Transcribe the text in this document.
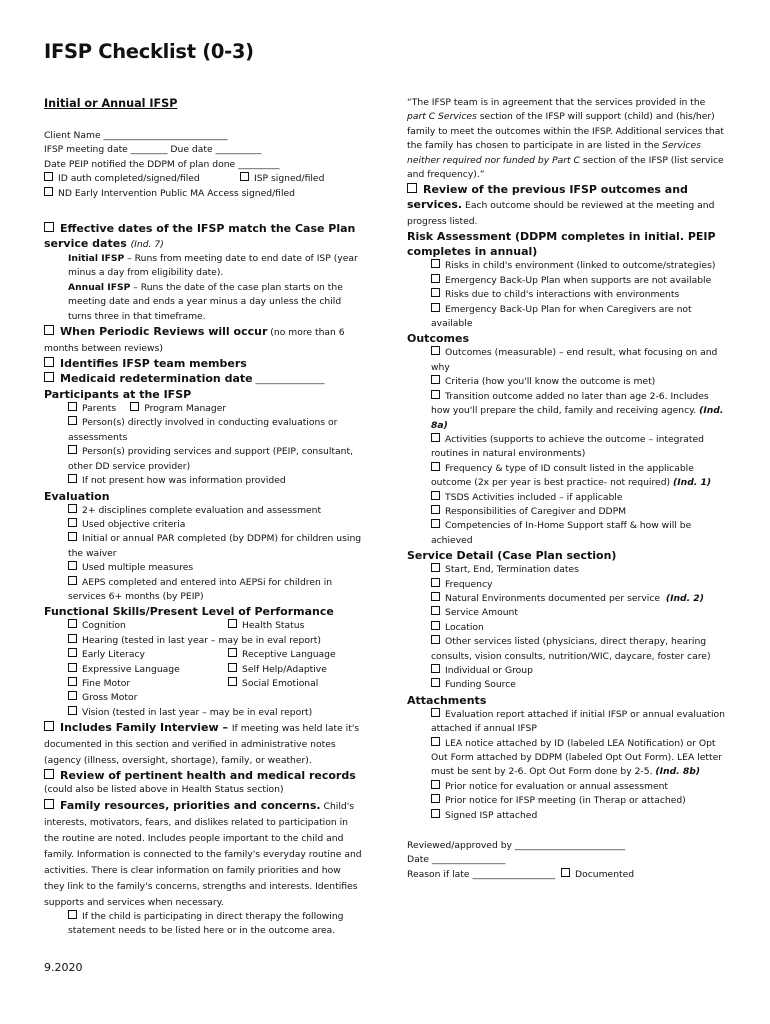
IFSP Checklist (0-3)

Initial or Annual IFSP

Client Name ___________________________

IFSP meeting date ________ Due date __________

Date PEIP notified the DDPM of plan done _________

ID auth completed/signed/filed	ISP signed/filed

ND Early Intervention Public MA Access signed/filed

Effective dates of the IFSP match the Case Plan service dates (Ind. 7)

Initial IFSP – Runs from meeting date to end date of ISP (year minus a day from eligibility date).

Annual IFSP – Runs the date of the case plan starts on the meeting date and ends a year minus a day unless the child turns three in that timeframe.

When Periodic Reviews will occur (no more than 6 months between reviews)

Identifies IFSP team members

Medicaid redetermination date _______________

Participants at the IFSP

Parents	Program Manager

Person(s) directly involved in conducting evaluations or assessments

Person(s) providing services and support (PEIP, consultant, other DD service provider)

If not present how was information provided

Evaluation

2+ disciplines complete evaluation and assessment

Used objective criteria

Initial or annual PAR completed (by DDPM) for children using the waiver

Used multiple measures

AEPS completed and entered into AEPSi for children in services 6+ months (by PEIP)

Functional Skills/Present Level of Performance

Cognition	Health Status

Hearing (tested in last year – may be in eval report)

Early Literacy	Receptive Language

Expressive Language	Self Help/Adaptive

Fine Motor	Social Emotional

Gross Motor

Vision (tested in last year – may be in eval report)

Includes Family Interview – If meeting was held late it's documented in this section and verified in administrative notes (agency (illness, oversight, shortage), family, or weather).

Review of pertinent health and medical records

(could also be listed above in Health Status section)

Family resources, priorities and concerns. Child's interests, motivators, fears, and dislikes related to participation in the routine are noted. Includes people important to the child and family. Information is connected to the family's everyday routine and activities. There is clear information on family priorities and how they link to the family's concerns, strengths and interests. Identifies supports and services when necessary.

If the child is participating in direct therapy the following statement needs to be listed here or in the outcome area.

“The IFSP team is in agreement that the services provided in the part C Services section of the IFSP will support (child) and (his/her) family to meet the outcomes within the IFSP. Additional services that the family has chosen to participate in are listed in the Services neither required nor funded by Part C section of the IFSP (list service and frequency).”

Review of the previous IFSP outcomes and services. Each outcome should be reviewed at the meeting and progress listed.

Risk Assessment (DDPM completes in initial. PEIP completes in annual)

Risks in child's environment (linked to outcome/strategies)

Emergency Back-Up Plan when supports are not available

Risks due to child's interactions with environments

Emergency Back-Up Plan for when Caregivers are not available

Outcomes

Outcomes (measurable) – end result, what focusing on and why

Criteria (how you'll know the outcome is met)

Transition outcome added no later than age 2-6. Includes how you'll prepare the child, family and receiving agency. (Ind. 8a)

Activities (supports to achieve the outcome – integrated routines in natural environments)

Frequency & type of ID consult listed in the applicable outcome (2x per year is best practice- not required) (Ind. 1)

TSDS Activities included – if applicable

Responsibilities of Caregiver and DDPM

Competencies of In-Home Support staff & how will be achieved

Service Detail (Case Plan section)

Start, End, Termination dates

Frequency

Natural Environments documented per service (Ind. 2)

Service Amount

Location

Other services listed (physicians, direct therapy, hearing consults, vision consults, nutrition/WIC, daycare, foster care)

Individual or Group

Funding Source

Attachments

Evaluation report attached if initial IFSP or annual evaluation attached if annual IFSP

LEA notice attached by ID (labeled LEA Notification) or Opt Out Form attached by DDPM (labeled Opt Out Form). LEA letter must be sent by 2-6. Opt Out Form done by 2-5. (Ind. 8b)

Prior notice for evaluation or annual assessment

Prior notice for IFSP meeting (in Therap or attached)

Signed ISP attached

Reviewed/approved by ________________________

Date ________________

Reason if late __________________ Documented

9.2020
